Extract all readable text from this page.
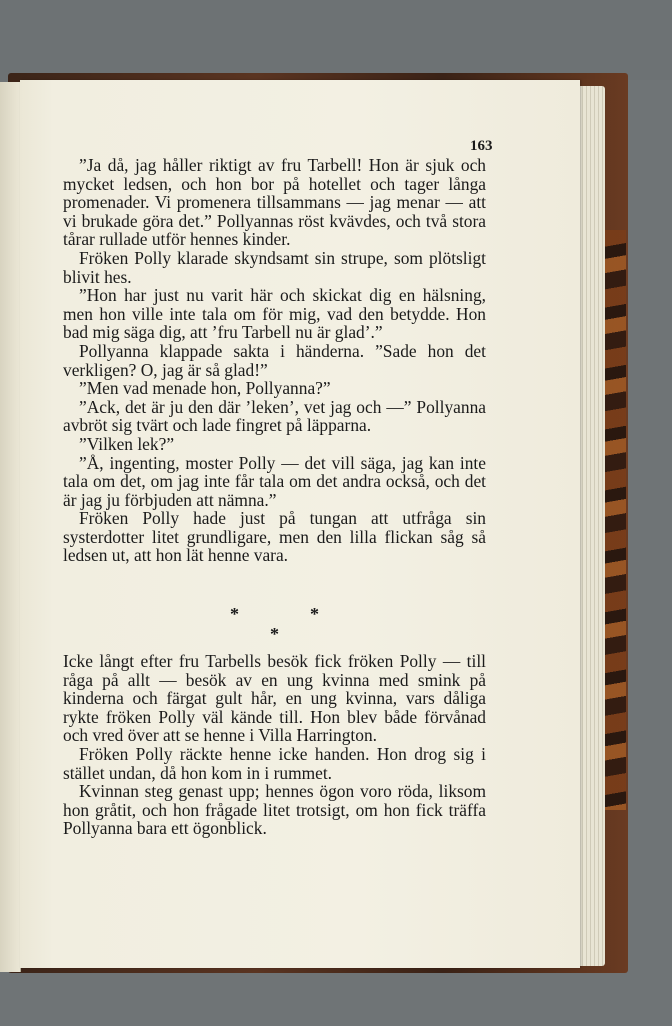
163

”Ja då, jag håller riktigt av fru Tarbell! Hon är sjuk och mycket ledsen, och hon bor på hotellet och tager långa promenader. Vi promenera tillsammans — jag menar — att vi brukade göra det.” Pollyannas röst kvävdes, och två stora tårar rullade utför hennes kinder.

Fröken Polly klarade skyndsamt sin strupe, som plötsligt blivit hes.

”Hon har just nu varit här och skickat dig en hälsning, men hon ville inte tala om för mig, vad den betydde. Hon bad mig säga dig, att ’fru Tarbell nu är glad’.”

Pollyanna klappade sakta i händerna. ”Sade hon det verkligen? O, jag är så glad!”

”Men vad menade hon, Pollyanna?”

”Ack, det är ju den där ’leken’, vet jag och —” Pollyanna avbröt sig tvärt och lade fingret på läpparna.

”Vilken lek?”

”Å, ingenting, moster Polly — det vill säga, jag kan inte tala om det, om jag inte får tala om det andra också, och det är jag ju förbjuden att nämna.”

Fröken Polly hade just på tungan att utfråga sin systerdotter litet grundligare, men den lilla flickan såg så ledsen ut, att hon lät henne vara.

*	*
*

Icke långt efter fru Tarbells besök fick fröken Polly — till råga på allt — besök av en ung kvinna med smink på kinderna och färgat gult hår, en ung kvinna, vars dåliga rykte fröken Polly väl kände till. Hon blev både förvånad och vred över att se henne i Villa Harrington.

Fröken Polly räckte henne icke handen. Hon drog sig i stället undan, då hon kom in i rummet.

Kvinnan steg genast upp; hennes ögon voro röda, liksom hon gråtit, och hon frågade litet trotsigt, om hon fick träffa Pollyanna bara ett ögonblick.
